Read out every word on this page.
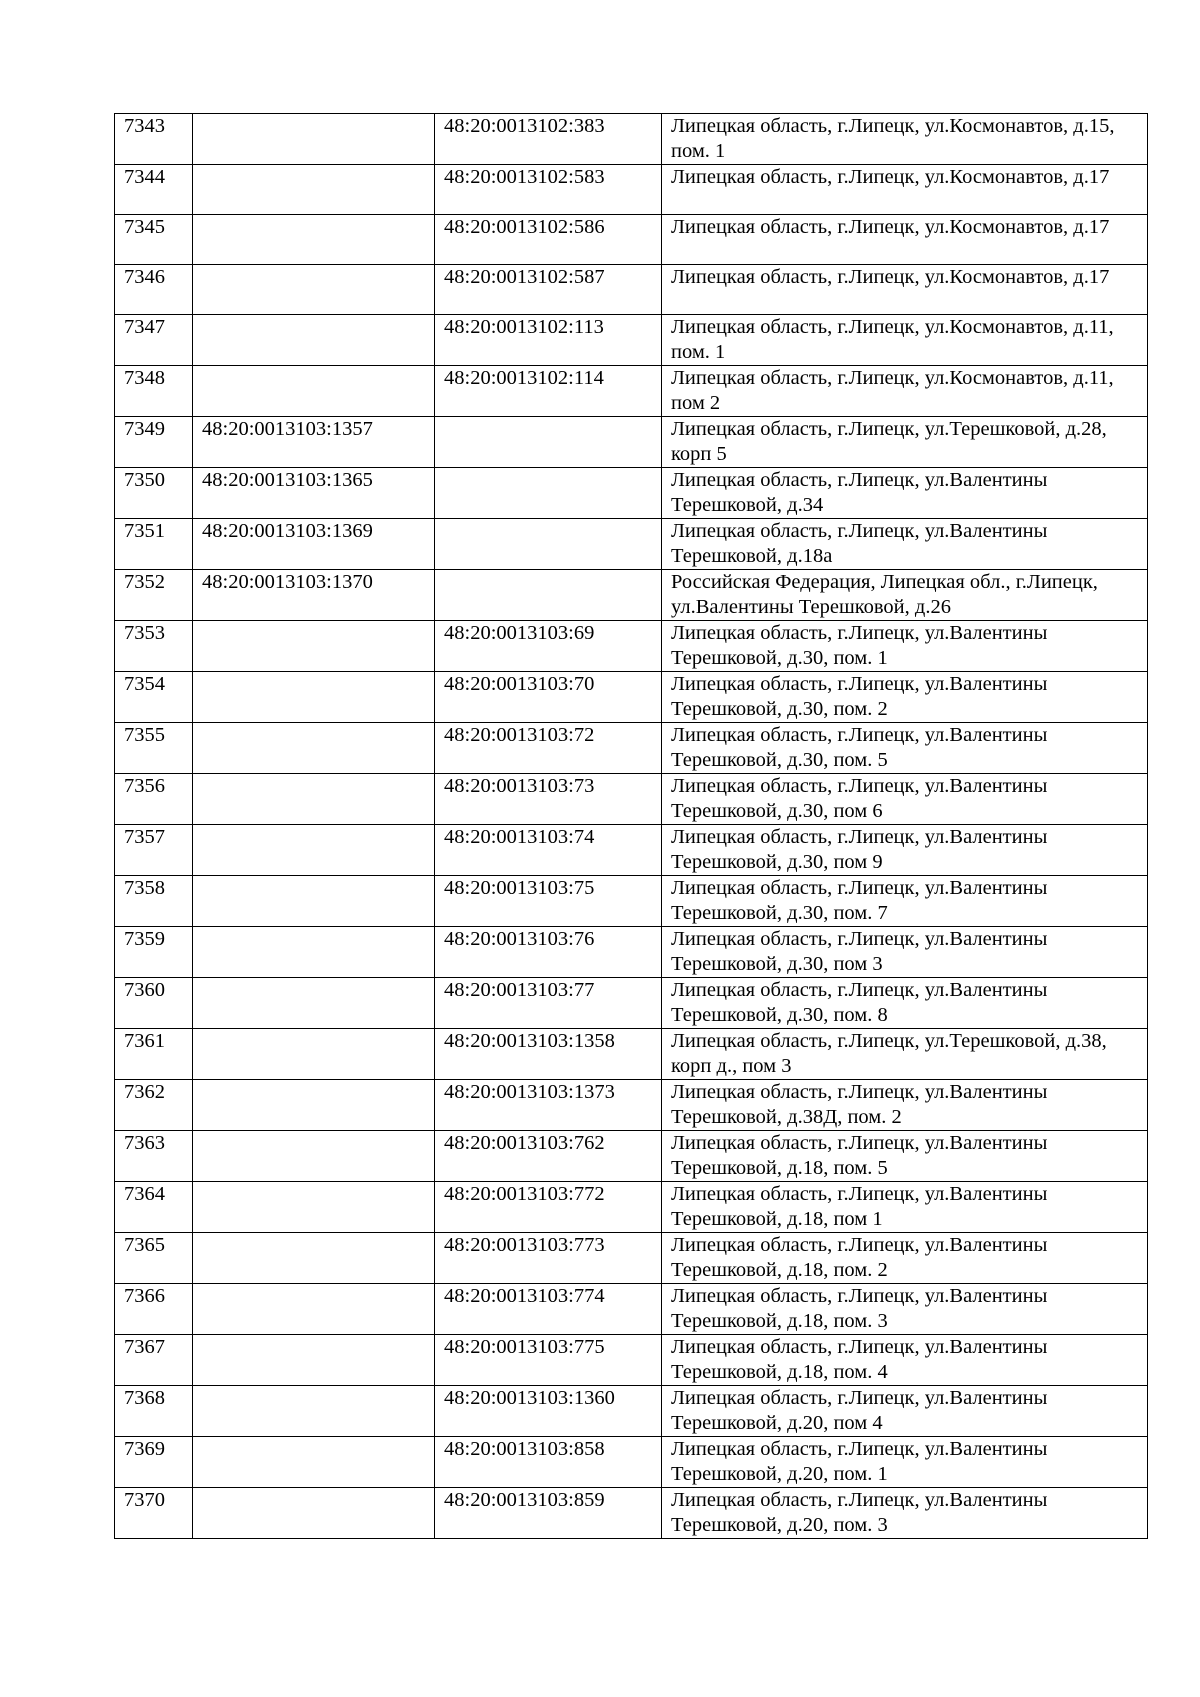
7343		48:20:0013102:383	Липецкая область, г.Липецк, ул.Космонавтов, д.15, пом. 1
7344		48:20:0013102:583	Липецкая область, г.Липецк, ул.Космонавтов, д.17
7345		48:20:0013102:586	Липецкая область, г.Липецк, ул.Космонавтов, д.17
7346		48:20:0013102:587	Липецкая область, г.Липецк, ул.Космонавтов, д.17
7347		48:20:0013102:113	Липецкая область, г.Липецк, ул.Космонавтов, д.11, пом. 1
7348		48:20:0013102:114	Липецкая область, г.Липецк, ул.Космонавтов, д.11, пом 2
7349	48:20:0013103:1357		Липецкая область, г.Липецк, ул.Терешковой, д.28, корп 5
7350	48:20:0013103:1365		Липецкая область, г.Липецк, ул.Валентины Терешковой, д.34
7351	48:20:0013103:1369		Липецкая область, г.Липецк, ул.Валентины Терешковой, д.18а
7352	48:20:0013103:1370		Российская Федерация, Липецкая обл., г.Липецк, ул.Валентины Терешковой, д.26
7353		48:20:0013103:69	Липецкая область, г.Липецк, ул.Валентины Терешковой, д.30, пом. 1
7354		48:20:0013103:70	Липецкая область, г.Липецк, ул.Валентины Терешковой, д.30, пом. 2
7355		48:20:0013103:72	Липецкая область, г.Липецк, ул.Валентины Терешковой, д.30, пом. 5
7356		48:20:0013103:73	Липецкая область, г.Липецк, ул.Валентины Терешковой, д.30, пом 6
7357		48:20:0013103:74	Липецкая область, г.Липецк, ул.Валентины Терешковой, д.30, пом 9
7358		48:20:0013103:75	Липецкая область, г.Липецк, ул.Валентины Терешковой, д.30, пом. 7
7359		48:20:0013103:76	Липецкая область, г.Липецк, ул.Валентины Терешковой, д.30, пом 3
7360		48:20:0013103:77	Липецкая область, г.Липецк, ул.Валентины Терешковой, д.30, пом. 8
7361		48:20:0013103:1358	Липецкая область, г.Липецк, ул.Терешковой, д.38, корп д., пом 3
7362		48:20:0013103:1373	Липецкая область, г.Липецк, ул.Валентины Терешковой, д.38Д, пом. 2
7363		48:20:0013103:762	Липецкая область, г.Липецк, ул.Валентины Терешковой, д.18, пом. 5
7364		48:20:0013103:772	Липецкая область, г.Липецк, ул.Валентины Терешковой, д.18, пом 1
7365		48:20:0013103:773	Липецкая область, г.Липецк, ул.Валентины Терешковой, д.18, пом. 2
7366		48:20:0013103:774	Липецкая область, г.Липецк, ул.Валентины Терешковой, д.18, пом. 3
7367		48:20:0013103:775	Липецкая область, г.Липецк, ул.Валентины Терешковой, д.18, пом. 4
7368		48:20:0013103:1360	Липецкая область, г.Липецк, ул.Валентины Терешковой, д.20, пом 4
7369		48:20:0013103:858	Липецкая область, г.Липецк, ул.Валентины Терешковой, д.20, пом. 1
7370		48:20:0013103:859	Липецкая область, г.Липецк, ул.Валентины Терешковой, д.20, пом. 3
